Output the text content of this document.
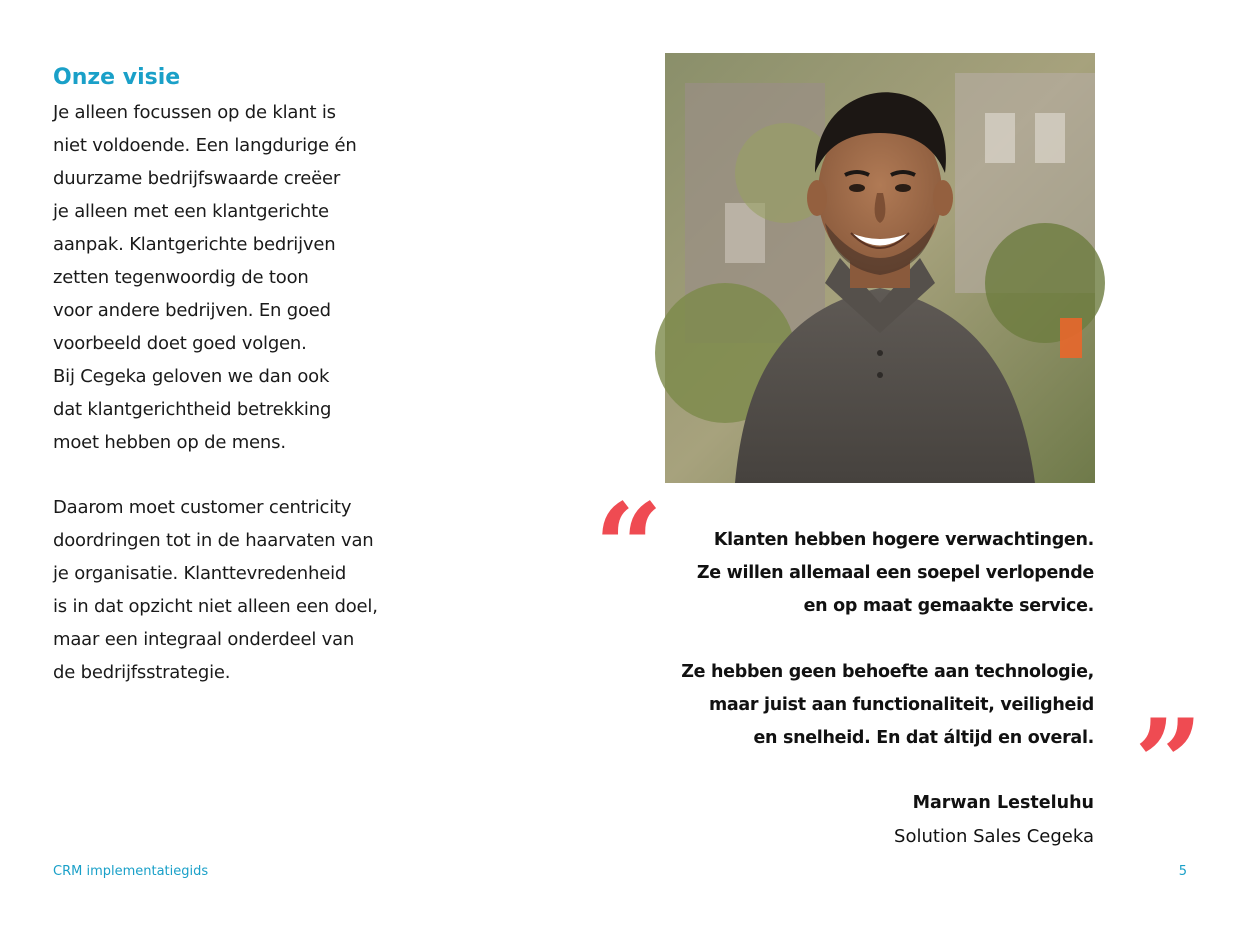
Onze visie

Je alleen focussen op de klant is
niet voldoende. Een langdurige én
duurzame bedrijfswaarde creëer
je alleen met een klantgerichte
aanpak. Klantgerichte bedrijven
zetten tegenwoordig de toon
voor andere bedrijven. En goed
voorbeeld doet goed volgen.
Bij Cegeka geloven we dan ook
dat klantgerichtheid betrekking
moet hebben op de mens.

Daarom moet customer centricity
doordringen tot in de haarvaten van
je organisatie. Klanttevredenheid
is in dat opzicht niet alleen een doel,
maar een integraal onderdeel van
de bedrijfsstrategie.

“	Klanten hebben hogere verwachtingen.
Ze willen allemaal een soepel verlopende
en op maat gemaakte service.

Ze hebben geen behoefte aan technologie,
maar juist aan functionaliteit, veiligheid
en snelheid. En dat áltijd en overal. ”

Marwan Lesteluhu

Solution Sales Cegeka

CRM implementatiegids	5
